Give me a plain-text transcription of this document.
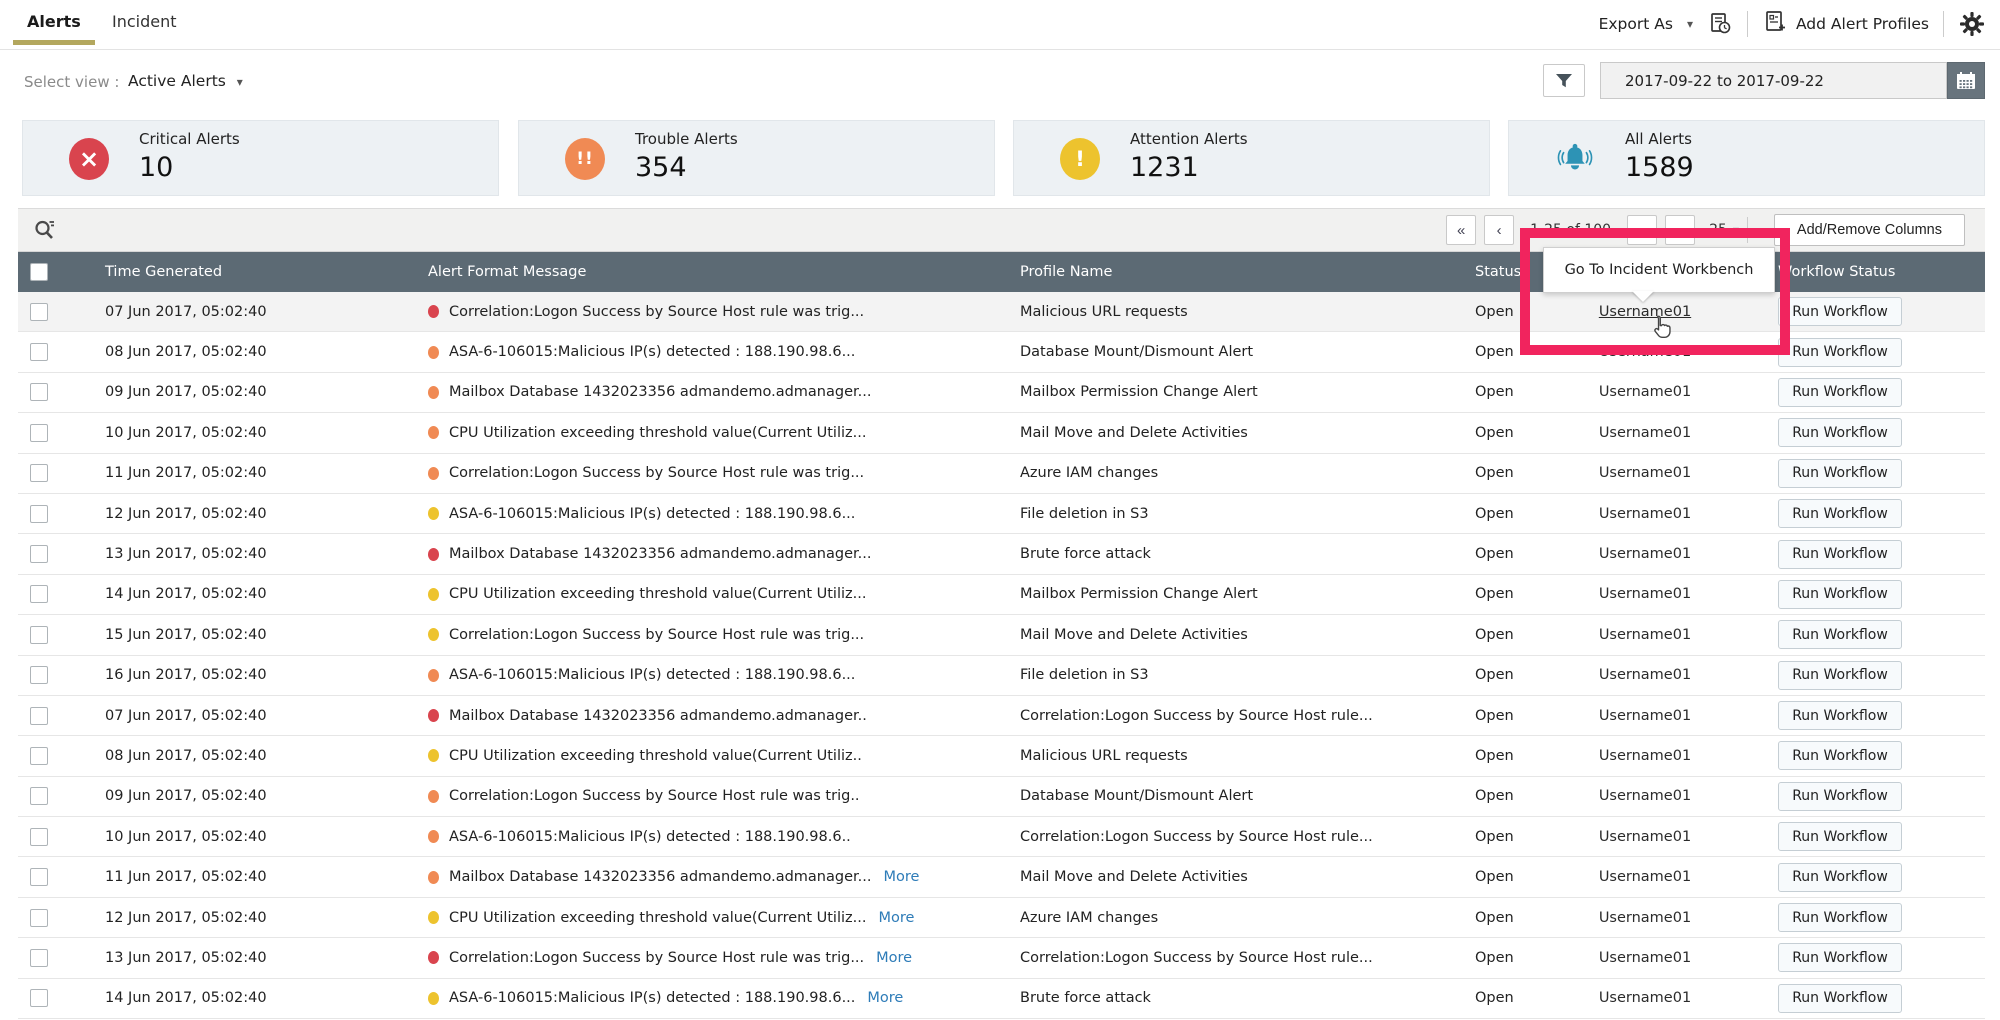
Alerts Incident	Export As
▾	Add Alert Profiles
Select view : Active Alerts ▾	2017-09-22 to 2017-09-22
×
Critical Alerts
10	!!
Trouble Alerts
354	!
Attention Alerts
1231
All Alerts
1589
«	‹	1-25 of 100	›	»	25
▾	Add/Remove Columns
Time Generated	Alert Format Message	Profile Name	Status	Workflow Status
07 Jun 2017, 05:02:40	Correlation:Logon Success by Source Host rule was trig...	Malicious URL requests	Open	Username01	Run Workflow
08 Jun 2017, 05:02:40	ASA-6-106015:Malicious IP(s) detected : 188.190.98.6...	Database Mount/Dismount Alert	Open	Username01	Run Workflow
09 Jun 2017, 05:02:40	Mailbox Database 1432023356 admandemo.admanager...	Mailbox Permission Change Alert	Open	Username01	Run Workflow
10 Jun 2017, 05:02:40	CPU Utilization exceeding threshold value(Current Utiliz...	Mail Move and Delete Activities	Open	Username01	Run Workflow
11 Jun 2017, 05:02:40	Correlation:Logon Success by Source Host rule was trig...	Azure IAM changes	Open	Username01	Run Workflow
12 Jun 2017, 05:02:40	ASA-6-106015:Malicious IP(s) detected : 188.190.98.6...	File deletion in S3	Open	Username01	Run Workflow
13 Jun 2017, 05:02:40	Mailbox Database 1432023356 admandemo.admanager...	Brute force attack	Open	Username01	Run Workflow
14 Jun 2017, 05:02:40	CPU Utilization exceeding threshold value(Current Utiliz...	Mailbox Permission Change Alert	Open	Username01	Run Workflow
15 Jun 2017, 05:02:40	Correlation:Logon Success by Source Host rule was trig...	Mail Move and Delete Activities	Open	Username01	Run Workflow
16 Jun 2017, 05:02:40	ASA-6-106015:Malicious IP(s) detected : 188.190.98.6...	File deletion in S3	Open	Username01	Run Workflow
07 Jun 2017, 05:02:40	Mailbox Database 1432023356 admandemo.admanager..	Correlation:Logon Success by Source Host rule...	Open	Username01	Run Workflow
08 Jun 2017, 05:02:40	CPU Utilization exceeding threshold value(Current Utiliz..	Malicious URL requests	Open	Username01	Run Workflow
09 Jun 2017, 05:02:40	Correlation:Logon Success by Source Host rule was trig..	Database Mount/Dismount Alert	Open	Username01	Run Workflow
10 Jun 2017, 05:02:40	ASA-6-106015:Malicious IP(s) detected : 188.190.98.6..	Correlation:Logon Success by Source Host rule...	Open	Username01	Run Workflow
11 Jun 2017, 05:02:40	Mailbox Database 1432023356 admandemo.admanager... More	Mail Move and Delete Activities	Open	Username01	Run Workflow
12 Jun 2017, 05:02:40	CPU Utilization exceeding threshold value(Current Utiliz... More	Azure IAM changes	Open	Username01	Run Workflow
13 Jun 2017, 05:02:40	Correlation:Logon Success by Source Host rule was trig... More	Correlation:Logon Success by Source Host rule...	Open	Username01	Run Workflow
14 Jun 2017, 05:02:40	ASA-6-106015:Malicious IP(s) detected : 188.190.98.6... More	Brute force attack	Open	Username01	Run Workflow
Go To Incident Workbench
